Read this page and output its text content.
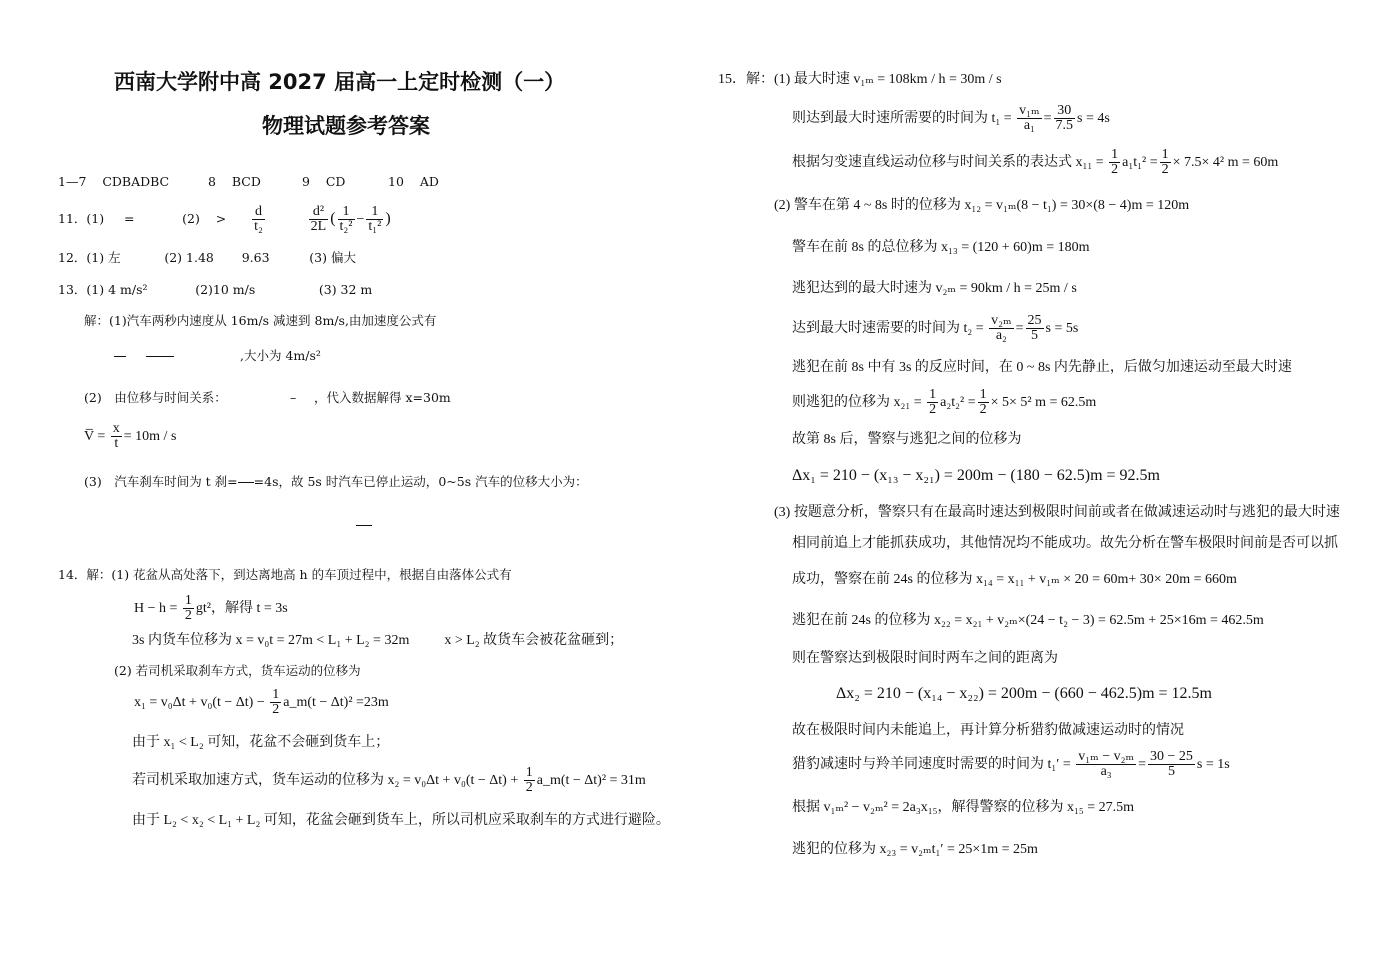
西南大学附中高 2027 届高一上定时检测（一）
物理试题参考答案
1—7 CDBADBC	8 BCD	9 CD	10 AD
11．(1) =	$(2) > \frac{d}{\text{t₂}}$
	$\frac{\text{d²}}{2L}$ ( $\frac{1}{\text{t₂²}} - \frac{1}{\text{t₁²}}$ )
12．(1) 左	(2) 1.48 9.63	(3) 偏大
13．(1) 4 m/s²	(2)10 m/s	(3) 32 m
解：(1)汽车两秒内速度从 16m/s 减速到 8m/s,由加速度公式有

,大小为 4m/s²
(2)　由位移与时间关系：	– ，代入数据解得 x=30m
V̅ = $\frac{x}{t} = 10m / s$
(3)　汽车刹车时间为 t 刹= =4s，故 5s 时汽车已停止运动，0~5s 汽车的位移大小为：
14．解：(1) 花盆从高处落下，到达离地高 h 的车顶过程中，根据自由落体公式有
$H - h = \frac{1}{2} gt^2$，解得 t = 3s
3s 内货车位移为 x = v₀t = 27m < L₁ + L₂ = 32m	x > L₂ 故货车会被花盆砸到；
(2) 若司机采取刹车方式，货车运动的位移为
$x_1 = v_0\Delta t + v_0(t - \Delta t) - \frac{1}{2}$ a_m(t − Δt)² =23m
由于 x₁ < L₂ 可知，花盆不会砸到货车上；
若司机采取加速方式，货车运动的位移为 $x_2 = v_0\Delta t + v_0(t - \Delta t) + \frac{1}{2}$ a_m(t − Δt)² = 31m
由于 L₂ < x₂ < L₁ + L₂ 可知，花盆会砸到货车上，所以司机应采取刹车的方式进行避险。
15．解：(1) 最大时速 v₁ₘ = 108km / h = 30m / s
则达到最大时速所需要的时间为 $t_1 = \frac{\text{v₁ₘ}}{\text{a₁}} = \frac{30}{7.5}$ s = 4s
根据匀变速直线运动位移与时间关系的表达式 $x_{11} = \frac{1}{2} a_1t_1^2 = \frac{1}{2} \times 7.5\times 4^2$ m = 60m
(2) 警车在第 4 ~ 8s 时的位移为 x₁₂ = v₁ₘ(8 − t₁) = 30×(8 − 4)m = 120m
警车在前 8s 的总位移为 x₁₃ = (120 + 60)m = 180m
逃犯达到的最大时速为 v₂ₘ = 90km / h = 25m / s
达到最大时速需要的时间为 $t_2 = \frac{\text{v₂ₘ}}{\text{a₂}} = \frac{25}{5}$ s = 5s
逃犯在前 8s 中有 3s 的反应时间，在 0 ~ 8s 内先静止，后做匀加速运动至最大时速
则逃犯的位移为 $x_{21} = \frac{1}{2} a_2t_2^2 = \frac{1}{2} \times 5\times 5^2$ m = 62.5m
故第 8s 后，警察与逃犯之间的位移为
Δx₁ = 210 − (x₁₃ − x₂₁) = 200m − (180 − 62.5)m = 92.5m
(3) 按题意分析，警察只有在最高时速达到极限时间前或者在做减速运动时与逃犯的最大时速
相同前追上才能抓获成功，其他情况均不能成功。故先分析在警车极限时间前是否可以抓
成功，警察在前 24s 的位移为 x₁₄ = x₁₁ + v₁ₘ × 20 = 60m+ 30× 20m = 660m
逃犯在前 24s 的位移为 x₂₂ = x₂₁ + v₂ₘ×(24 − t₂ − 3) = 62.5m + 25×16m = 462.5m
则在警察达到极限时间时两车之间的距离为
Δx₂ = 210 − (x₁₄ − x₂₂) = 200m − (660 − 462.5)m = 12.5m
故在极限时间内未能追上，再计算分析猎豹做减速运动时的情况
猎豹减速时与羚羊同速度时需要的时间为 $t_1' = \frac{\text{v₁ₘ − v₂ₘ}}{\text{a₃}} = \frac{30 - 25}{5}$ s = 1s
根据 v₁ₘ² − v₂ₘ² = 2a₃x₁₅，解得警察的位移为 x₁₅ = 27.5m
逃犯的位移为 x₂₃ = v₂ₘt₁′ = 25×1m = 25m
